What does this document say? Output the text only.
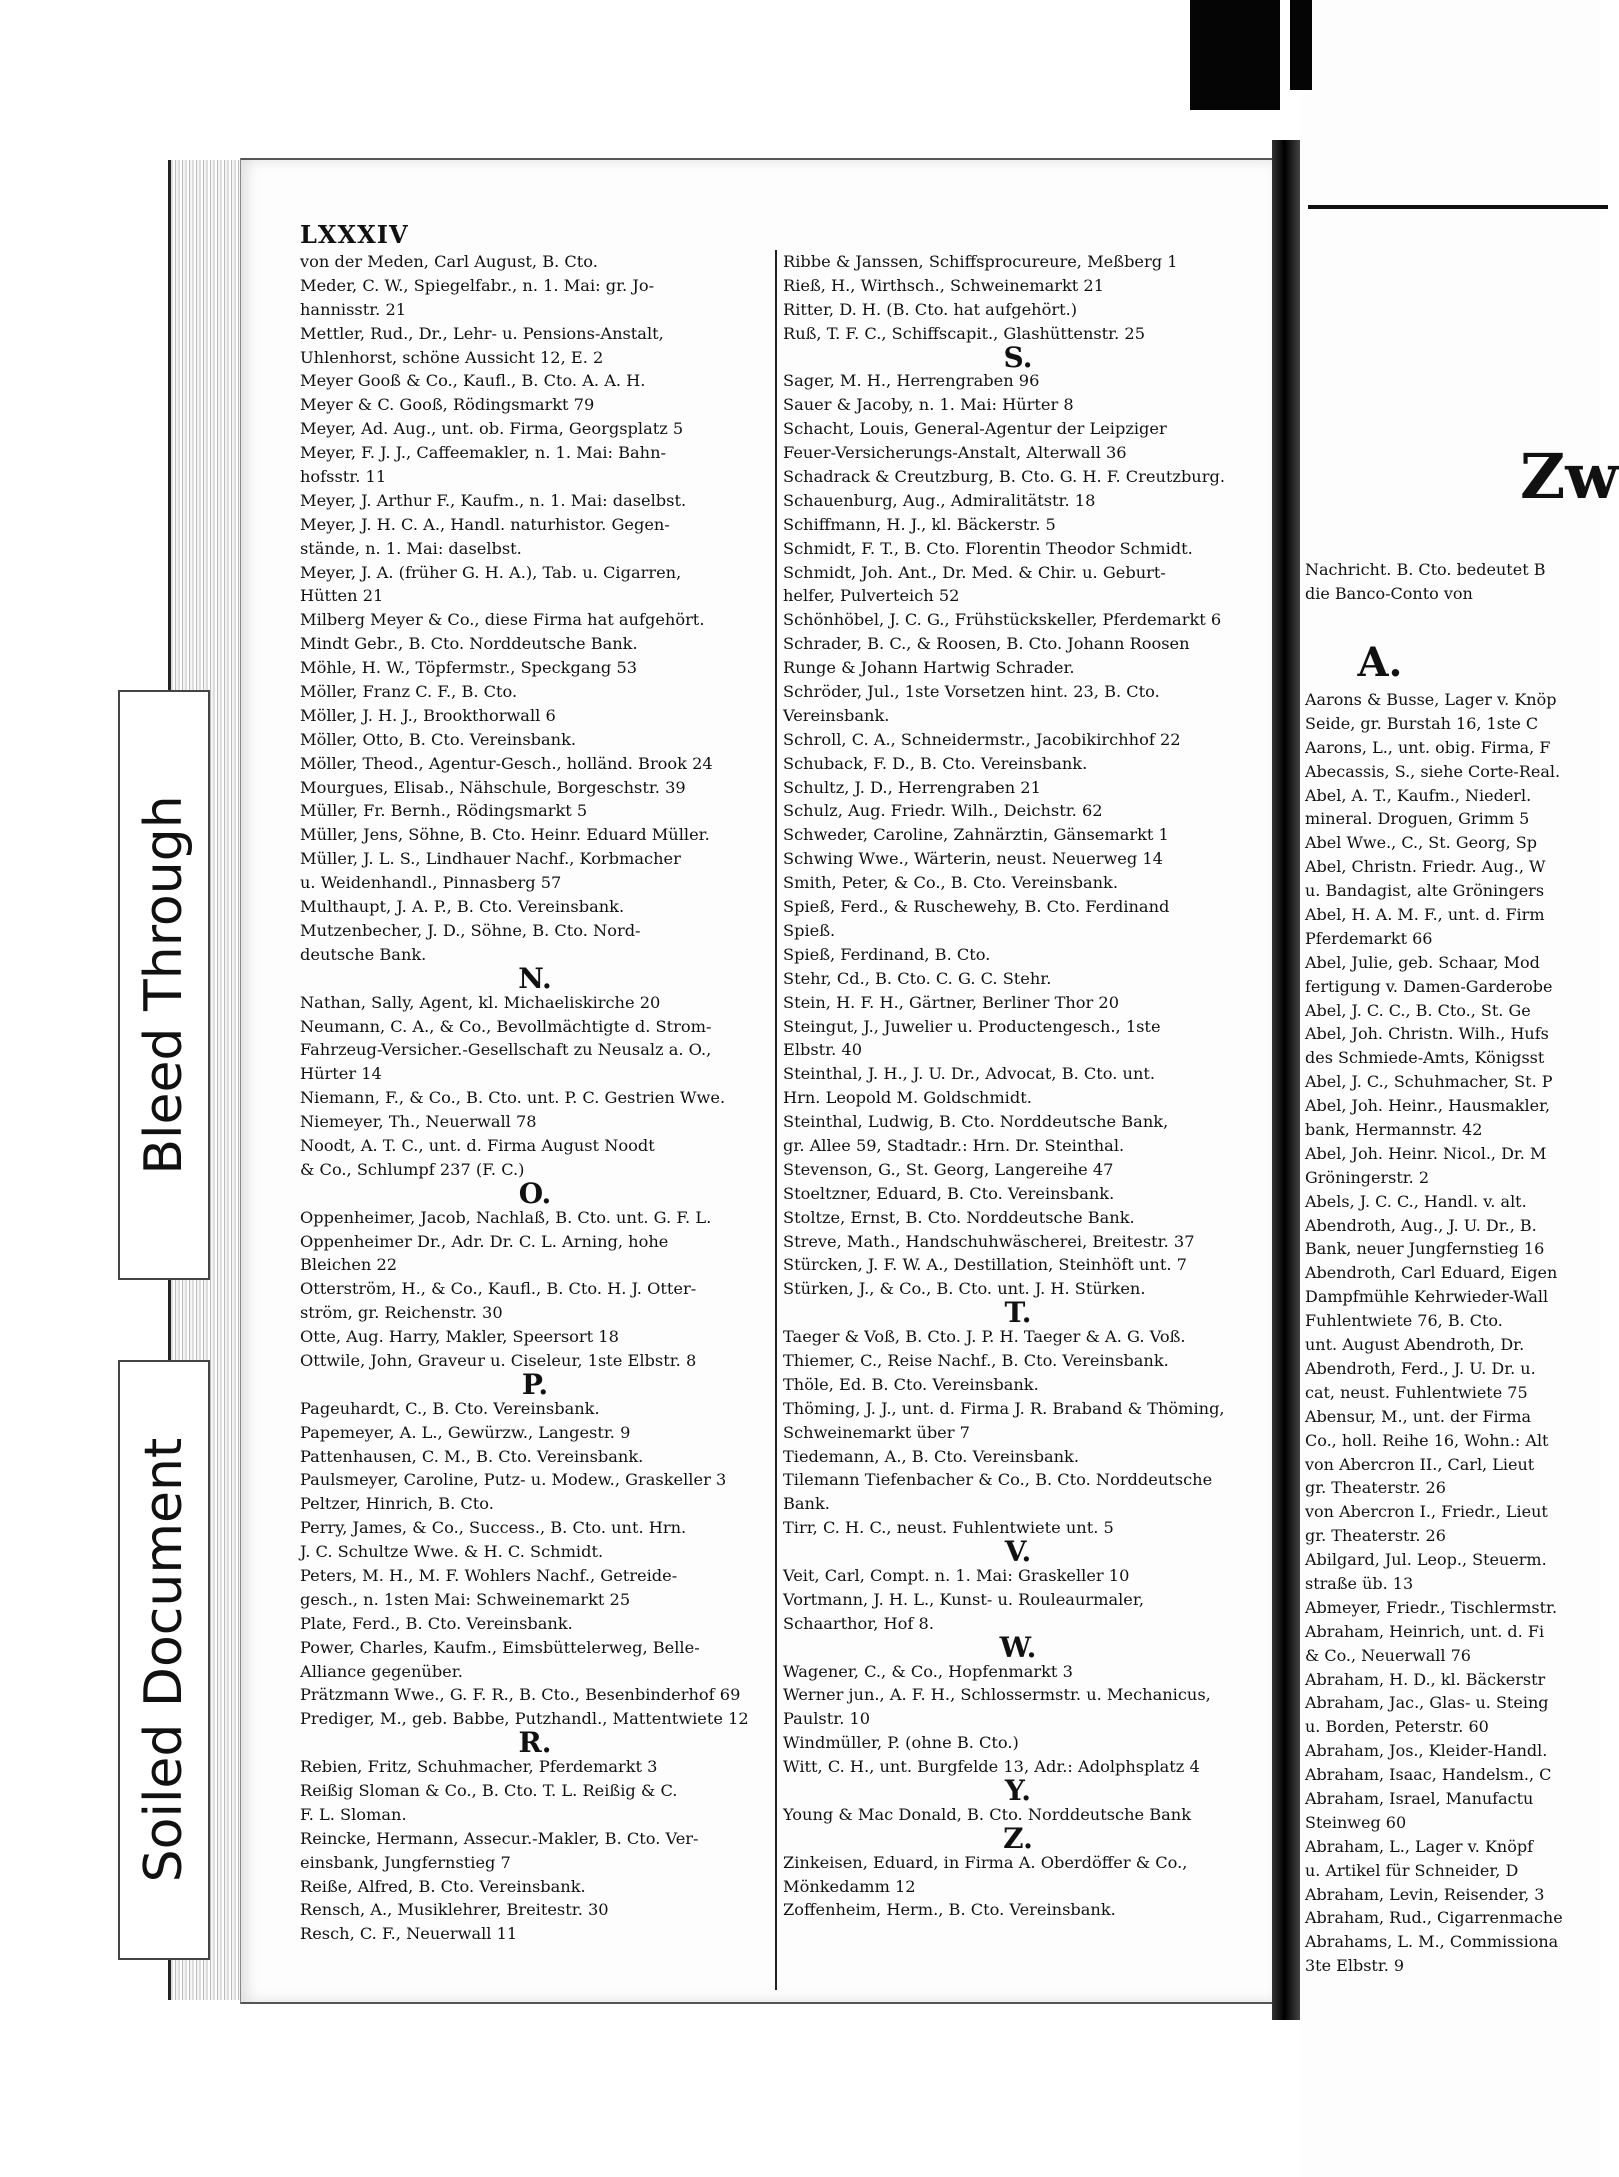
Bleed Through
Soiled Document
LXXXIV
von der Meden, Carl August, B. Cto.
Meder, C. W., Spiegelfabr., n. 1. Mai: gr. Jo-
hannisstr. 21
Mettler, Rud., Dr., Lehr- u. Pensions-Anstalt,
Uhlenhorst, schöne Aussicht 12, E. 2
Meyer Gooß & Co., Kaufl., B. Cto. A. A. H.
Meyer & C. Gooß, Rödingsmarkt 79
Meyer, Ad. Aug., unt. ob. Firma, Georgsplatz 5
Meyer, F. J. J., Caffeemakler, n. 1. Mai: Bahn-
hofsstr. 11
Meyer, J. Arthur F., Kaufm., n. 1. Mai: daselbst.
Meyer, J. H. C. A., Handl. naturhistor. Gegen-
stände, n. 1. Mai: daselbst.
Meyer, J. A. (früher G. H. A.), Tab. u. Cigarren,
Hütten 21
Milberg Meyer & Co., diese Firma hat aufgehört.
Mindt Gebr., B. Cto. Norddeutsche Bank.
Möhle, H. W., Töpfermstr., Speckgang 53
Möller, Franz C. F., B. Cto.
Möller, J. H. J., Brookthorwall 6
Möller, Otto, B. Cto. Vereinsbank.
Möller, Theod., Agentur-Gesch., holländ. Brook 24
Mourgues, Elisab., Nähschule, Borgeschstr. 39
Müller, Fr. Bernh., Rödingsmarkt 5
Müller, Jens, Söhne, B. Cto. Heinr. Eduard Müller.
Müller, J. L. S., Lindhauer Nachf., Korbmacher
u. Weidenhandl., Pinnasberg 57
Multhaupt, J. A. P., B. Cto. Vereinsbank.
Mutzenbecher, J. D., Söhne, B. Cto. Nord-
deutsche Bank.
N.
Nathan, Sally, Agent, kl. Michaeliskirche 20
Neumann, C. A., & Co., Bevollmächtigte d. Strom-
Fahrzeug-Versicher.-Gesellschaft zu Neusalz a. O.,
Hürter 14
Niemann, F., & Co., B. Cto. unt. P. C. Gestrien Wwe.
Niemeyer, Th., Neuerwall 78
Noodt, A. T. C., unt. d. Firma August Noodt
& Co., Schlumpf 237 (F. C.)
O.
Oppenheimer, Jacob, Nachlaß, B. Cto. unt. G. F. L.
Oppenheimer Dr., Adr. Dr. C. L. Arning, hohe
Bleichen 22
Otterström, H., & Co., Kaufl., B. Cto. H. J. Otter-
ström, gr. Reichenstr. 30
Otte, Aug. Harry, Makler, Speersort 18
Ottwile, John, Graveur u. Ciseleur, 1ste Elbstr. 8
P.
Pageuhardt, C., B. Cto. Vereinsbank.
Papemeyer, A. L., Gewürzw., Langestr. 9
Pattenhausen, C. M., B. Cto. Vereinsbank.
Paulsmeyer, Caroline, Putz- u. Modew., Graskeller 3
Peltzer, Hinrich, B. Cto.
Perry, James, & Co., Success., B. Cto. unt. Hrn.
J. C. Schultze Wwe. & H. C. Schmidt.
Peters, M. H., M. F. Wohlers Nachf., Getreide-
gesch., n. 1sten Mai: Schweinemarkt 25
Plate, Ferd., B. Cto. Vereinsbank.
Power, Charles, Kaufm., Eimsbüttelerweg, Belle-
Alliance gegenüber.
Prätzmann Wwe., G. F. R., B. Cto., Besenbinderhof 69
Prediger, M., geb. Babbe, Putzhandl., Mattentwiete 12
R.
Rebien, Fritz, Schuhmacher, Pferdemarkt 3
Reißig Sloman & Co., B. Cto. T. L. Reißig & C.
F. L. Sloman.
Reincke, Hermann, Assecur.-Makler, B. Cto. Ver-
einsbank, Jungfernstieg 7
Reiße, Alfred, B. Cto. Vereinsbank.
Rensch, A., Musiklehrer, Breitestr. 30
Resch, C. F., Neuerwall 11
Ribbe & Janssen, Schiffsprocureure, Meßberg 1
Rieß, H., Wirthsch., Schweinemarkt 21
Ritter, D. H. (B. Cto. hat aufgehört.)
Ruß, T. F. C., Schiffscapit., Glashüttenstr. 25
S.
Sager, M. H., Herrengraben 96
Sauer & Jacoby, n. 1. Mai: Hürter 8
Schacht, Louis, General-Agentur der Leipziger
Feuer-Versicherungs-Anstalt, Alterwall 36
Schadrack & Creutzburg, B. Cto. G. H. F. Creutzburg.
Schauenburg, Aug., Admiralitätstr. 18
Schiffmann, H. J., kl. Bäckerstr. 5
Schmidt, F. T., B. Cto. Florentin Theodor Schmidt.
Schmidt, Joh. Ant., Dr. Med. & Chir. u. Geburt-
helfer, Pulverteich 52
Schönhöbel, J. C. G., Frühstückskeller, Pferdemarkt 6
Schrader, B. C., & Roosen, B. Cto. Johann Roosen
Runge & Johann Hartwig Schrader.
Schröder, Jul., 1ste Vorsetzen hint. 23, B. Cto.
Vereinsbank.
Schroll, C. A., Schneidermstr., Jacobikirchhof 22
Schuback, F. D., B. Cto. Vereinsbank.
Schultz, J. D., Herrengraben 21
Schulz, Aug. Friedr. Wilh., Deichstr. 62
Schweder, Caroline, Zahnärztin, Gänsemarkt 1
Schwing Wwe., Wärterin, neust. Neuerweg 14
Smith, Peter, & Co., B. Cto. Vereinsbank.
Spieß, Ferd., & Ruschewehy, B. Cto. Ferdinand
Spieß.
Spieß, Ferdinand, B. Cto.
Stehr, Cd., B. Cto. C. G. C. Stehr.
Stein, H. F. H., Gärtner, Berliner Thor 20
Steingut, J., Juwelier u. Productengesch., 1ste
Elbstr. 40
Steinthal, J. H., J. U. Dr., Advocat, B. Cto. unt.
Hrn. Leopold M. Goldschmidt.
Steinthal, Ludwig, B. Cto. Norddeutsche Bank,
gr. Allee 59, Stadtadr.: Hrn. Dr. Steinthal.
Stevenson, G., St. Georg, Langereihe 47
Stoeltzner, Eduard, B. Cto. Vereinsbank.
Stoltze, Ernst, B. Cto. Norddeutsche Bank.
Streve, Math., Handschuhwäscherei, Breitestr. 37
Stürcken, J. F. W. A., Destillation, Steinhöft unt. 7
Stürken, J., & Co., B. Cto. unt. J. H. Stürken.
T.
Taeger & Voß, B. Cto. J. P. H. Taeger & A. G. Voß.
Thiemer, C., Reise Nachf., B. Cto. Vereinsbank.
Thöle, Ed. B. Cto. Vereinsbank.
Thöming, J. J., unt. d. Firma J. R. Braband & Thöming,
Schweinemarkt über 7
Tiedemann, A., B. Cto. Vereinsbank.
Tilemann Tiefenbacher & Co., B. Cto. Norddeutsche
Bank.
Tirr, C. H. C., neust. Fuhlentwiete unt. 5
V.
Veit, Carl, Compt. n. 1. Mai: Graskeller 10
Vortmann, J. H. L., Kunst- u. Rouleaurmaler,
Schaarthor, Hof 8.
W.
Wagener, C., & Co., Hopfenmarkt 3
Werner jun., A. F. H., Schlossermstr. u. Mechanicus,
Paulstr. 10
Windmüller, P. (ohne B. Cto.)
Witt, C. H., unt. Burgfelde 13, Adr.: Adolphsplatz 4
Y.
Young & Mac Donald, B. Cto. Norddeutsche Bank
Z.
Zinkeisen, Eduard, in Firma A. Oberdöffer & Co.,
Mönkedamm 12
Zoffenheim, Herm., B. Cto. Vereinsbank.
Zw
Nachricht. B. Cto. bedeutet B
die Banco-Conto von
A.
Aarons & Busse, Lager v. Knöp
Seide, gr. Burstah 16, 1ste C
Aarons, L., unt. obig. Firma, F
Abecassis, S., siehe Corte-Real.
Abel, A. T., Kaufm., Niederl.
mineral. Droguen, Grimm 5
Abel Wwe., C., St. Georg, Sp
Abel, Christn. Friedr. Aug., W
u. Bandagist, alte Gröningers
Abel, H. A. M. F., unt. d. Firm
Pferdemarkt 66
Abel, Julie, geb. Schaar, Mod
fertigung v. Damen-Garderobe
Abel, J. C. C., B. Cto., St. Ge
Abel, Joh. Christn. Wilh., Hufs
des Schmiede-Amts, Königsst
Abel, J. C., Schuhmacher, St. P
Abel, Joh. Heinr., Hausmakler,
bank, Hermannstr. 42
Abel, Joh. Heinr. Nicol., Dr. M
Gröningerstr. 2
Abels, J. C. C., Handl. v. alt.
Abendroth, Aug., J. U. Dr., B.
Bank, neuer Jungfernstieg 16
Abendroth, Carl Eduard, Eigen
Dampfmühle Kehrwieder-Wall
Fuhlentwiete 76, B. Cto.
unt. August Abendroth, Dr.
Abendroth, Ferd., J. U. Dr. u.
cat, neust. Fuhlentwiete 75
Abensur, M., unt. der Firma
Co., holl. Reihe 16, Wohn.: Alt
von Abercron II., Carl, Lieut
gr. Theaterstr. 26
von Abercron I., Friedr., Lieut
gr. Theaterstr. 26
Abilgard, Jul. Leop., Steuerm.
straße üb. 13
Abmeyer, Friedr., Tischlermstr.
Abraham, Heinrich, unt. d. Fi
& Co., Neuerwall 76
Abraham, H. D., kl. Bäckerstr
Abraham, Jac., Glas- u. Steing
u. Borden, Peterstr. 60
Abraham, Jos., Kleider-Handl.
Abraham, Isaac, Handelsm., C
Abraham, Israel, Manufactu
Steinweg 60
Abraham, L., Lager v. Knöpf
u. Artikel für Schneider, D
Abraham, Levin, Reisender, 3
Abraham, Rud., Cigarrenmache
Abrahams, L. M., Commissiona
3te Elbstr. 9
